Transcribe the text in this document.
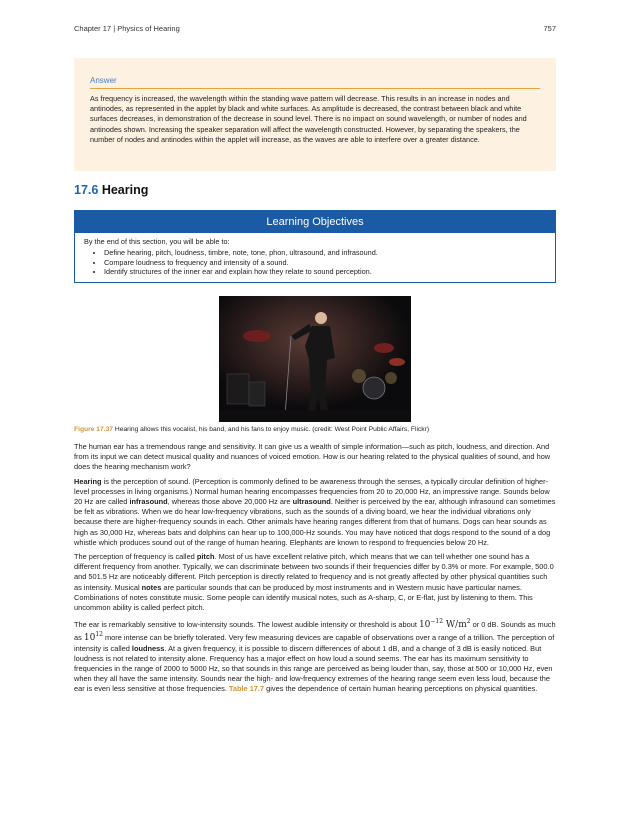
Chapter 17 | Physics of Hearing	757
Answer
As frequency is increased, the wavelength within the standing wave pattern will decrease. This results in an increase in nodes and antinodes, as represented in the applet by black and white surfaces. As amplitude is decreased, the contrast between black and white surfaces decreases, in demonstration of the decrease in sound level. There is no impact on sound wavelength, or number of nodes and antinodes shown. Increasing the speaker separation will affect the wavelength constructed. However, by separating the speakers, the number of nodes and antinodes within the applet will increase, as the waves are able to interfere over a greater distance.
17.6 Hearing
Learning Objectives
By the end of this section, you will be able to:
• Define hearing, pitch, loudness, timbre, note, tone, phon, ultrasound, and infrasound.
• Compare loudness to frequency and intensity of a sound.
• Identify structures of the inner ear and explain how they relate to sound perception.
Figure 17.37 Hearing allows this vocalist, his band, and his fans to enjoy music. (credit: West Point Public Affairs, Flickr)

The human ear has a tremendous range and sensitivity. It can give us a wealth of simple information—such as pitch, loudness, and direction. And from its input we can detect musical quality and nuances of voiced emotion. How is our hearing related to the physical qualities of sound, and how does the hearing mechanism work?

Hearing is the perception of sound. (Perception is commonly defined to be awareness through the senses, a typically circular definition of higher-level processes in living organisms.) Normal human hearing encompasses frequencies from 20 to 20,000 Hz, an impressive range. Sounds below 20 Hz are called infrasound, whereas those above 20,000 Hz are ultrasound. Neither is perceived by the ear, although infrasound can sometimes be felt as vibrations. When we do hear low-frequency vibrations, such as the sounds of a diving board, we hear the individual vibrations only because there are higher-frequency sounds in each. Other animals have hearing ranges different from that of humans. Dogs can hear sounds as high as 30,000 Hz, whereas bats and dolphins can hear up to 100,000-Hz sounds. You may have noticed that dogs respond to the sound of a dog whistle which produces sound out of the range of human hearing. Elephants are known to respond to frequencies below 20 Hz.

The perception of frequency is called pitch. Most of us have excellent relative pitch, which means that we can tell whether one sound has a different frequency from another. Typically, we can discriminate between two sounds if their frequencies differ by 0.3% or more. For example, 500.0 and 501.5 Hz are noticeably different. Pitch perception is directly related to frequency and is not greatly affected by other physical quantities such as intensity. Musical notes are particular sounds that can be produced by most instruments and in Western music have particular names. Combinations of notes constitute music. Some people can identify musical notes, such as A-sharp, C, or E-flat, just by listening to them. This uncommon ability is called perfect pitch.

The ear is remarkably sensitive to low-intensity sounds. The lowest audible intensity or threshold is about $10^{-12}$ $W/m^2$ or 0 dB. Sounds as much as $10^{12}$ more intense can be briefly tolerated. Very few measuring devices are capable of observations over a range of a trillion. The perception of intensity is called loudness. At a given frequency, it is possible to discern differences of about 1 dB, and a change of 3 dB is easily noticed. But loudness is not related to intensity alone. Frequency has a major effect on how loud a sound seems. The ear has its maximum sensitivity to frequencies in the range of 2000 to 5000 Hz, so that sounds in this range are perceived as being louder than, say, those at 500 or 10,000 Hz, even when they all have the same intensity. Sounds near the high- and low-frequency extremes of the hearing range seem even less loud, because the ear is even less sensitive at those frequencies. Table 17.7 gives the dependence of certain human hearing perceptions on physical quantities.
